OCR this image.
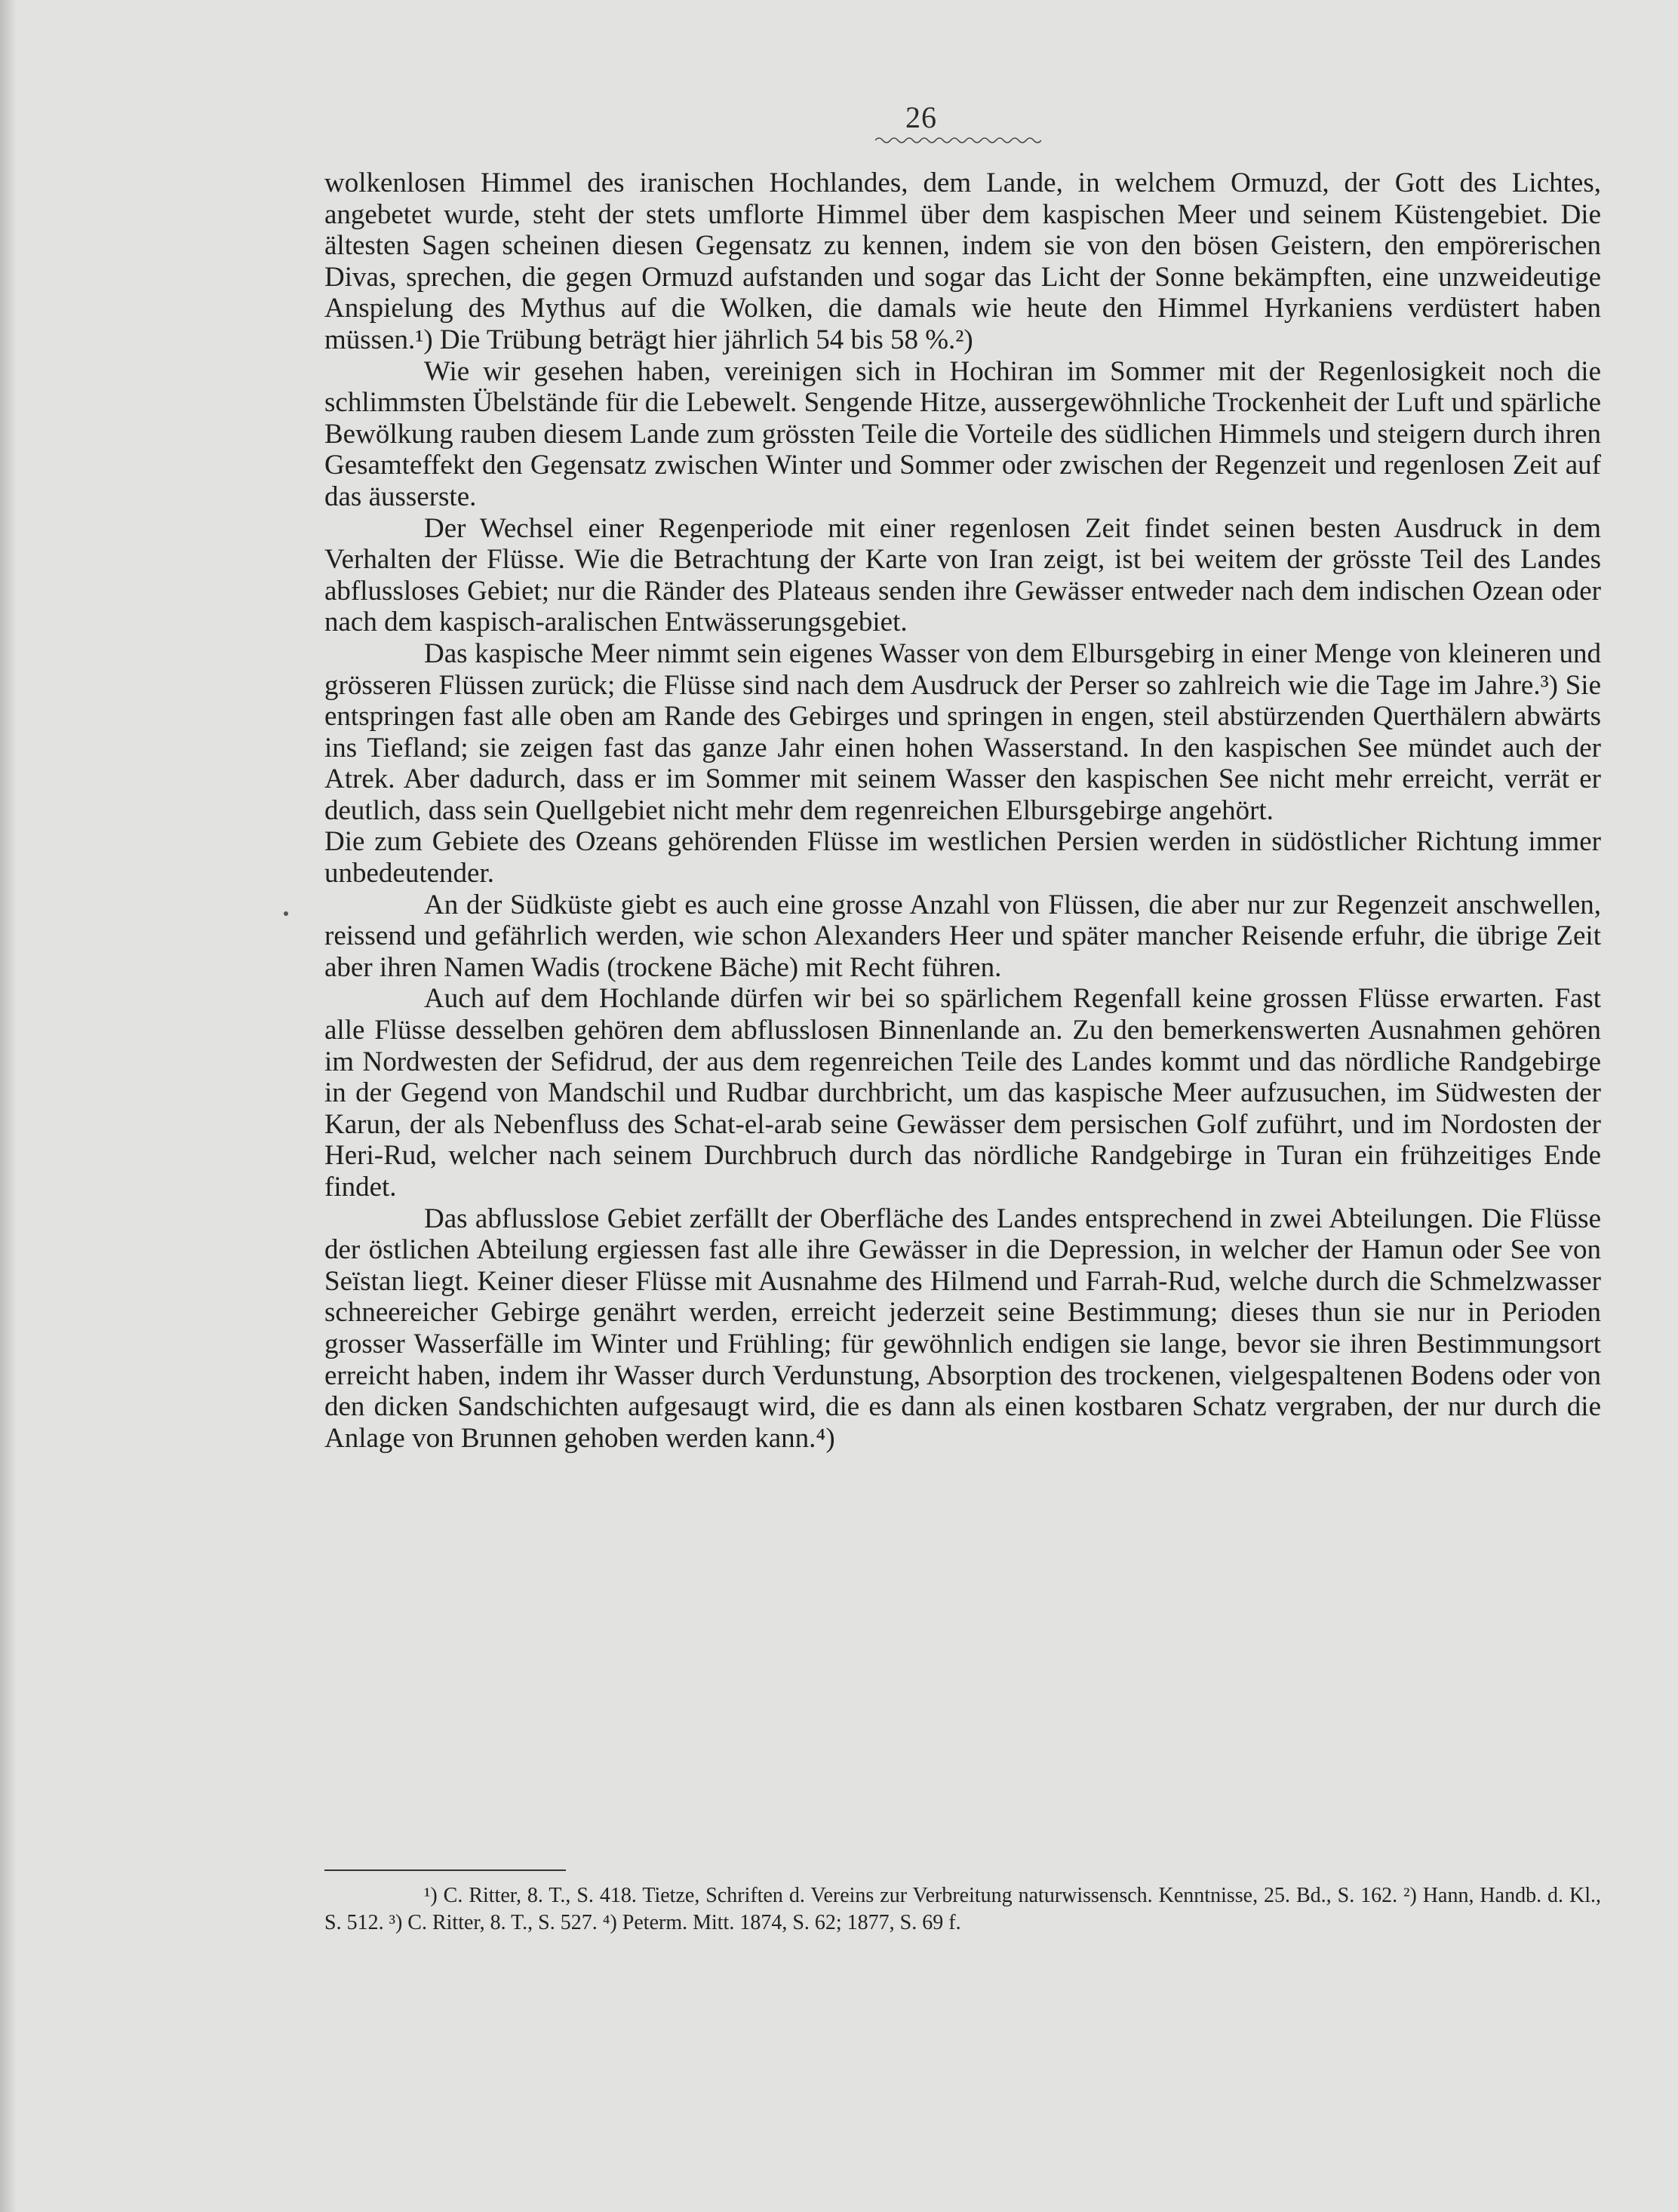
26

wolkenlosen Himmel des iranischen Hochlandes, dem Lande, in welchem Ormuzd, der Gott des Lichtes, angebetet wurde, steht der stets umflorte Himmel über dem kaspischen Meer und seinem Küstengebiet. Die ältesten Sagen scheinen diesen Gegensatz zu kennen, indem sie von den bösen Geistern, den empörerischen Divas, sprechen, die gegen Ormuzd aufstanden und sogar das Licht der Sonne bekämpften, eine unzweideutige Anspielung des Mythus auf die Wolken, die damals wie heute den Himmel Hyrkaniens verdüstert haben müssen.¹) Die Trübung beträgt hier jährlich 54 bis 58 %.²)

Wie wir gesehen haben, vereinigen sich in Hochiran im Sommer mit der Regenlosigkeit noch die schlimmsten Übelstände für die Lebewelt. Sengende Hitze, aussergewöhnliche Trockenheit der Luft und spärliche Bewölkung rauben diesem Lande zum grössten Teile die Vorteile des südlichen Himmels und steigern durch ihren Gesamteffekt den Gegensatz zwischen Winter und Sommer oder zwischen der Regenzeit und regenlosen Zeit auf das äusserste.

Der Wechsel einer Regenperiode mit einer regenlosen Zeit findet seinen besten Ausdruck in dem Verhalten der Flüsse. Wie die Betrachtung der Karte von Iran zeigt, ist bei weitem der grösste Teil des Landes abflussloses Gebiet; nur die Ränder des Plateaus senden ihre Gewässer entweder nach dem indischen Ozean oder nach dem kaspisch-aralischen Entwässerungsgebiet.

Das kaspische Meer nimmt sein eigenes Wasser von dem Elbursgebirg in einer Menge von kleineren und grösseren Flüssen zurück; die Flüsse sind nach dem Ausdruck der Perser so zahlreich wie die Tage im Jahre.³) Sie entspringen fast alle oben am Rande des Gebirges und springen in engen, steil abstürzenden Querthälern abwärts ins Tiefland; sie zeigen fast das ganze Jahr einen hohen Wasserstand. In den kaspischen See mündet auch der Atrek. Aber dadurch, dass er im Sommer mit seinem Wasser den kaspischen See nicht mehr erreicht, verrät er deutlich, dass sein Quellgebiet nicht mehr dem regenreichen Elbursgebirge angehört.

Die zum Gebiete des Ozeans gehörenden Flüsse im westlichen Persien werden in südöstlicher Richtung immer unbedeutender.

An der Südküste giebt es auch eine grosse Anzahl von Flüssen, die aber nur zur Regenzeit anschwellen, reissend und gefährlich werden, wie schon Alexanders Heer und später mancher Reisende erfuhr, die übrige Zeit aber ihren Namen Wadis (trockene Bäche) mit Recht führen.

Auch auf dem Hochlande dürfen wir bei so spärlichem Regenfall keine grossen Flüsse erwarten. Fast alle Flüsse desselben gehören dem abflusslosen Binnenlande an. Zu den bemerkenswerten Ausnahmen gehören im Nordwesten der Sefidrud, der aus dem regenreichen Teile des Landes kommt und das nördliche Randgebirge in der Gegend von Mandschil und Rudbar durchbricht, um das kaspische Meer aufzusuchen, im Südwesten der Karun, der als Nebenfluss des Schat-el-arab seine Gewässer dem persischen Golf zuführt, und im Nordosten der Heri-Rud, welcher nach seinem Durchbruch durch das nördliche Randgebirge in Turan ein frühzeitiges Ende findet.

Das abflusslose Gebiet zerfällt der Oberfläche des Landes entsprechend in zwei Abteilungen. Die Flüsse der östlichen Abteilung ergiessen fast alle ihre Gewässer in die Depression, in welcher der Hamun oder See von Seïstan liegt. Keiner dieser Flüsse mit Ausnahme des Hilmend und Farrah-Rud, welche durch die Schmelzwasser schneereicher Gebirge genährt werden, erreicht jederzeit seine Bestimmung; dieses thun sie nur in Perioden grosser Wasserfälle im Winter und Frühling; für gewöhnlich endigen sie lange, bevor sie ihren Bestimmungsort erreicht haben, indem ihr Wasser durch Verdunstung, Absorption des trockenen, vielgespaltenen Bodens oder von den dicken Sandschichten aufgesaugt wird, die es dann als einen kostbaren Schatz vergraben, der nur durch die Anlage von Brunnen gehoben werden kann.⁴)

¹) C. Ritter, 8. T., S. 418. Tietze, Schriften d. Vereins zur Verbreitung naturwissensch. Kenntnisse, 25. Bd., S. 162. ²) Hann, Handb. d. Kl., S. 512. ³) C. Ritter, 8. T., S. 527. ⁴) Peterm. Mitt. 1874, S. 62; 1877, S. 69 f.
